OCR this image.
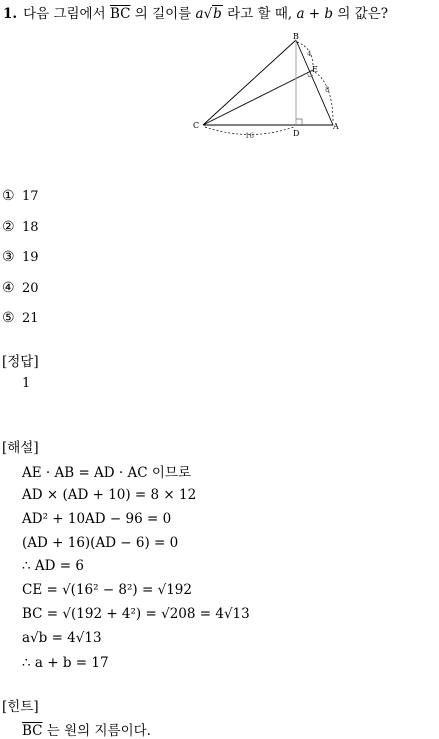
1. 다음 그림에서 $\overline{BC}$ 의 길이를 a√b 라고 할 때, a + b 의 값은?
B
E
C
D
A
4
8
16
① 17
② 18
③ 19
④ 20
⑤ 21
[정답]
1
[해설]
AE · AB = AD · AC 이므로
AD × (AD + 10) = 8 × 12
AD² + 10AD − 96 = 0
(AD + 16)(AD − 6) = 0
∴ AD = 6
CE = √(16² − 8²) = √192
BC = √(192 + 4²) = √208 = 4√13
a√b = 4√13
∴ a + b = 17
[힌트]
$\overline{BC}$ 는 원의 지름이다.
